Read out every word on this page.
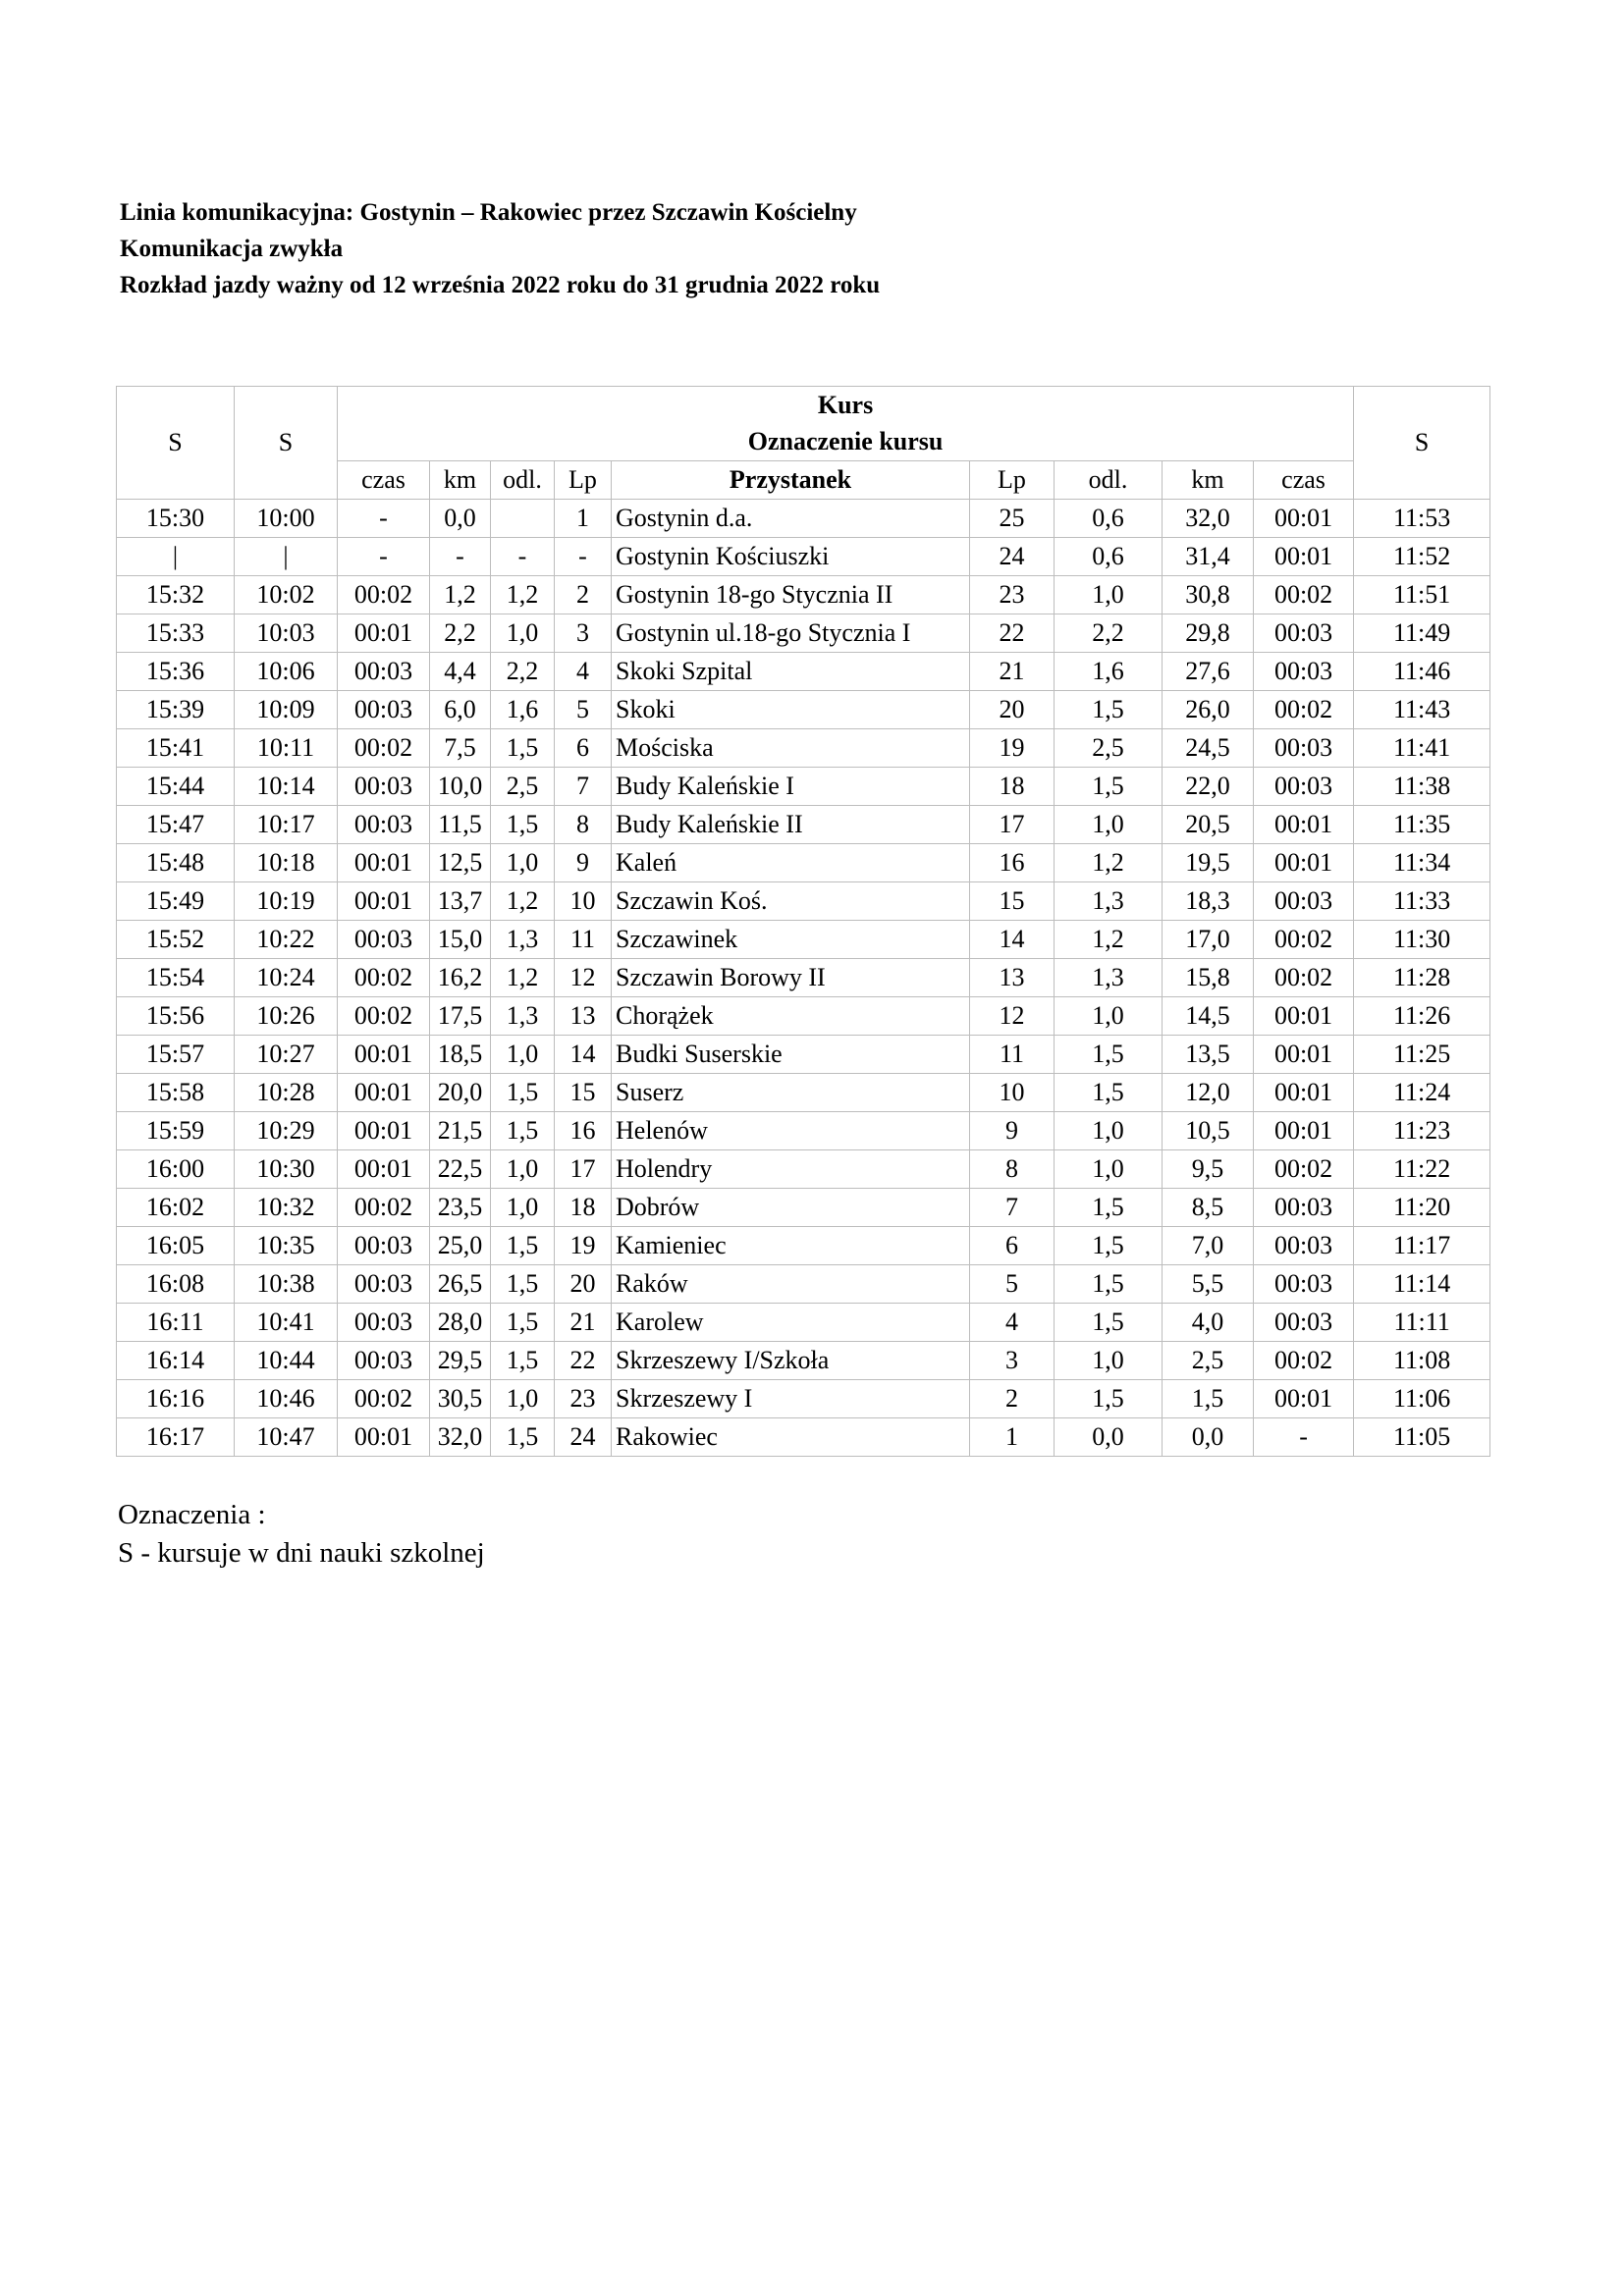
Linia komunikacyjna: Gostynin – Rakowiec przez Szczawin Kościelny
Komunikacja zwykła
Rozkład jazdy ważny od 12 września 2022 roku do 31 grudnia 2022 roku
S	S	Kurs									S
		Oznaczenie kursu									
		czas	km	odl.	Lp	Przystanek	Lp	odl.	km	czas	
15:30	10:00	-	0,0		1	Gostynin d.a.	25	0,6	32,0	00:01	11:53
|	|	-	-	-	-	Gostynin Kościuszki	24	0,6	31,4	00:01	11:52
15:32	10:02	00:02	1,2	1,2	2	Gostynin 18-go Stycznia II	23	1,0	30,8	00:02	11:51
15:33	10:03	00:01	2,2	1,0	3	Gostynin ul.18-go Stycznia I	22	2,2	29,8	00:03	11:49
15:36	10:06	00:03	4,4	2,2	4	Skoki Szpital	21	1,6	27,6	00:03	11:46
15:39	10:09	00:03	6,0	1,6	5	Skoki	20	1,5	26,0	00:02	11:43
15:41	10:11	00:02	7,5	1,5	6	Mościska	19	2,5	24,5	00:03	11:41
15:44	10:14	00:03	10,0	2,5	7	Budy Kaleńskie I	18	1,5	22,0	00:03	11:38
15:47	10:17	00:03	11,5	1,5	8	Budy Kaleńskie II	17	1,0	20,5	00:01	11:35
15:48	10:18	00:01	12,5	1,0	9	Kaleń	16	1,2	19,5	00:01	11:34
15:49	10:19	00:01	13,7	1,2	10	Szczawin Koś.	15	1,3	18,3	00:03	11:33
15:52	10:22	00:03	15,0	1,3	11	Szczawinek	14	1,2	17,0	00:02	11:30
15:54	10:24	00:02	16,2	1,2	12	Szczawin Borowy II	13	1,3	15,8	00:02	11:28
15:56	10:26	00:02	17,5	1,3	13	Chorążek	12	1,0	14,5	00:01	11:26
15:57	10:27	00:01	18,5	1,0	14	Budki Suserskie	11	1,5	13,5	00:01	11:25
15:58	10:28	00:01	20,0	1,5	15	Suserz	10	1,5	12,0	00:01	11:24
15:59	10:29	00:01	21,5	1,5	16	Helenów	9	1,0	10,5	00:01	11:23
16:00	10:30	00:01	22,5	1,0	17	Holendry	8	1,0	9,5	00:02	11:22
16:02	10:32	00:02	23,5	1,0	18	Dobrów	7	1,5	8,5	00:03	11:20
16:05	10:35	00:03	25,0	1,5	19	Kamieniec	6	1,5	7,0	00:03	11:17
16:08	10:38	00:03	26,5	1,5	20	Raków	5	1,5	5,5	00:03	11:14
16:11	10:41	00:03	28,0	1,5	21	Karolew	4	1,5	4,0	00:03	11:11
16:14	10:44	00:03	29,5	1,5	22	Skrzeszewy I/Szkoła	3	1,0	2,5	00:02	11:08
16:16	10:46	00:02	30,5	1,0	23	Skrzeszewy I	2	1,5	1,5	00:01	11:06
16:17	10:47	00:01	32,0	1,5	24	Rakowiec	1	0,0	0,0	-	11:05
Oznaczenia :
S - kursuje w dni nauki szkolnej
